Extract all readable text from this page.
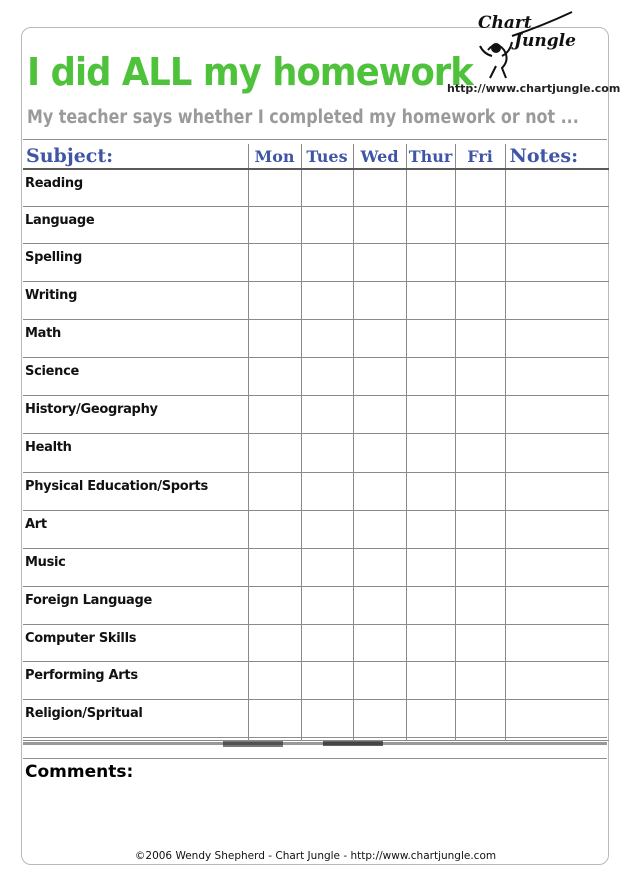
I did ALL my homework
My teacher says whether I completed my homework or not ...
Chart
Jungle
http://www.chartjungle.com
Subject:	Mon	Tues	Wed	Thur	Fri	Notes:
Reading						
Language						
Spelling						
Writing						
Math						
Science						
History/Geography						
Health						
Physical Education/Sports						
Art						
Music						
Foreign Language						
Computer Skills						
Performing Arts						
Religion/Spritual						
Comments:
©2006 Wendy Shepherd - Chart Jungle - http://www.chartjungle.com
